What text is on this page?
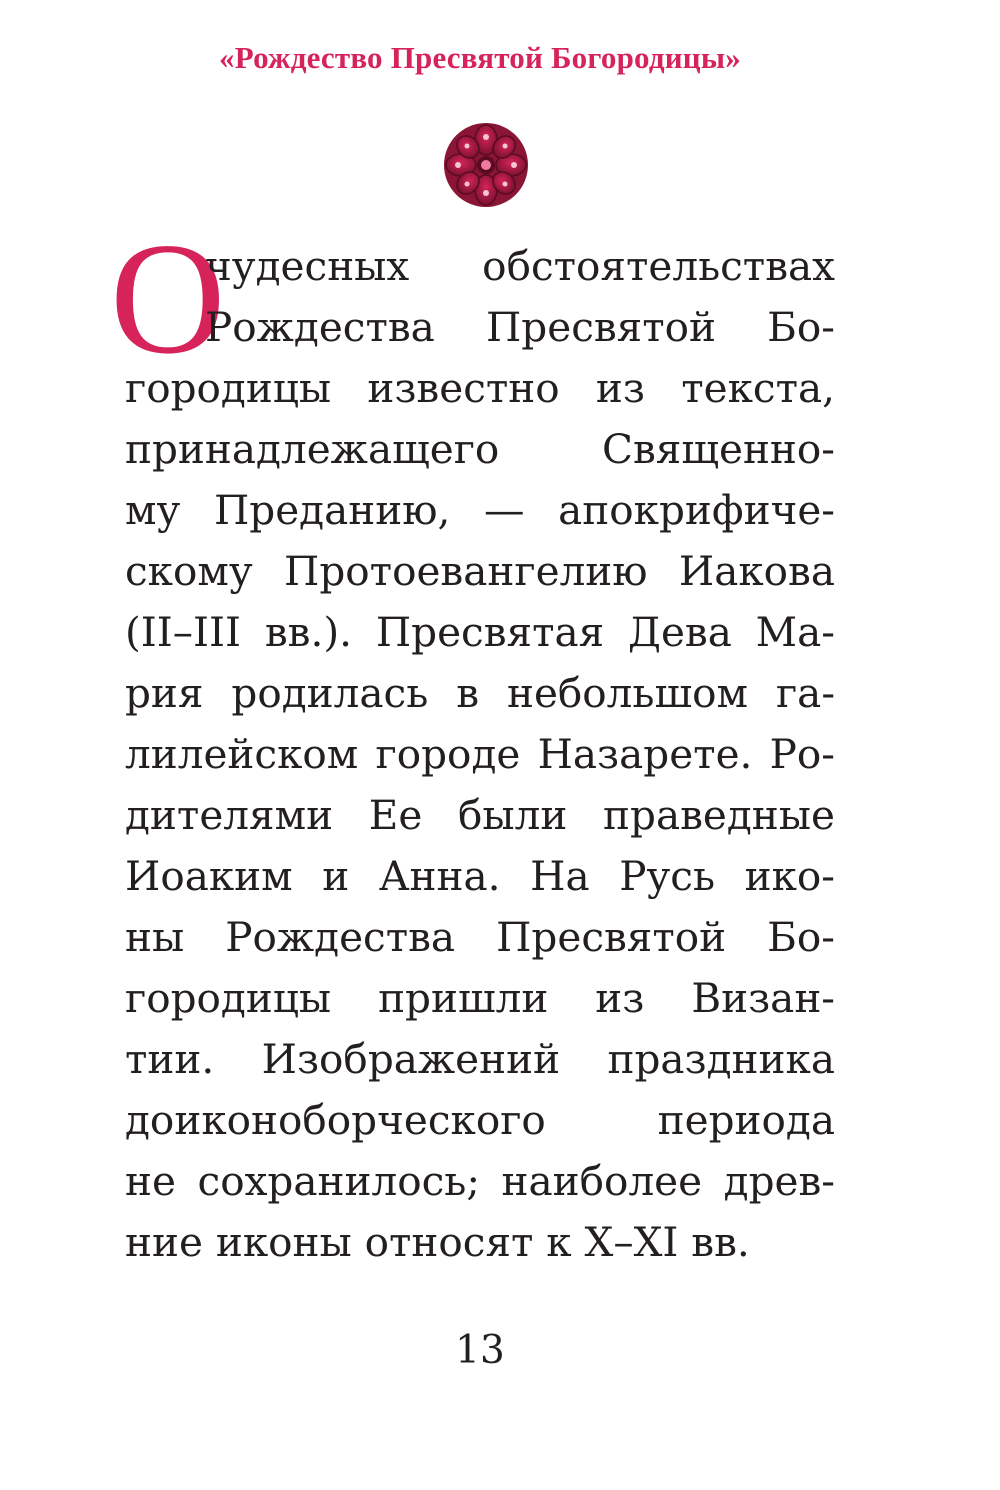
«Рождество Пресвятой Богородицы»
О
чудесных обстоятельствах
Рождества Пресвятой Бо-
городицы известно из текста,
принадлежащего Священно-
му Преданию, — апокрифиче-
скому Протоевангелию Иакова
(II–III вв.). Пресвятая Дева Ма-
рия родилась в небольшом га-
лилейском городе Назарете. Ро-
дителями Ее были праведные
Иоаким и Анна. На Русь ико-
ны Рождества Пресвятой Бо-
городицы пришли из Визан-
тии. Изображений праздника
доиконоборческого периода
не сохранилось; наиболее древ-
ние иконы относят к X–XI вв.
13
